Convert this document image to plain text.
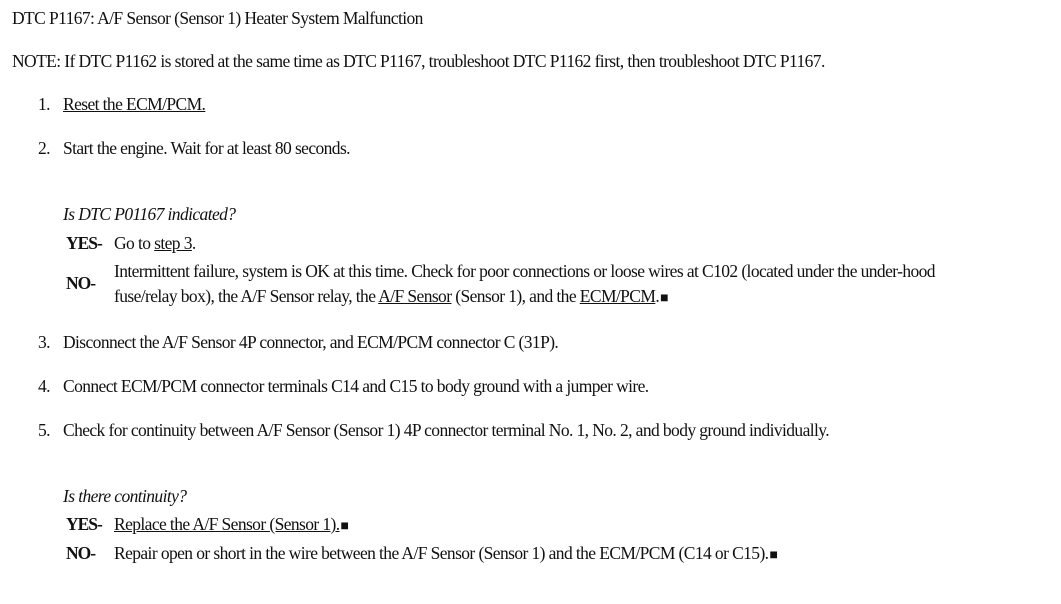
DTC P1167: A/F Sensor (Sensor 1) Heater System Malfunction
NOTE: If DTC P1162 is stored at the same time as DTC P1167, troubleshoot DTC P1162 first, then troubleshoot DTC P1167.
1. Reset the ECM/PCM.
2. Start the engine. Wait for at least 80 seconds.
Is DTC P01167 indicated?
YES- Go to step 3.
NO-
Intermittent failure, system is OK at this time. Check for poor connections or loose wires at C102 (located under the under-hood
fuse/relay box), the A/F Sensor relay, the A/F Sensor (Sensor 1), and the ECM/PCM.■
3. Disconnect the A/F Sensor 4P connector, and ECM/PCM connector C (31P).
4. Connect ECM/PCM connector terminals C14 and C15 to body ground with a jumper wire.
5. Check for continuity between A/F Sensor (Sensor 1) 4P connector terminal No. 1, No. 2, and body ground individually.
Is there continuity?
YES- Replace the A/F Sensor (Sensor 1).■
NO- Repair open or short in the wire between the A/F Sensor (Sensor 1) and the ECM/PCM (C14 or C15).■
